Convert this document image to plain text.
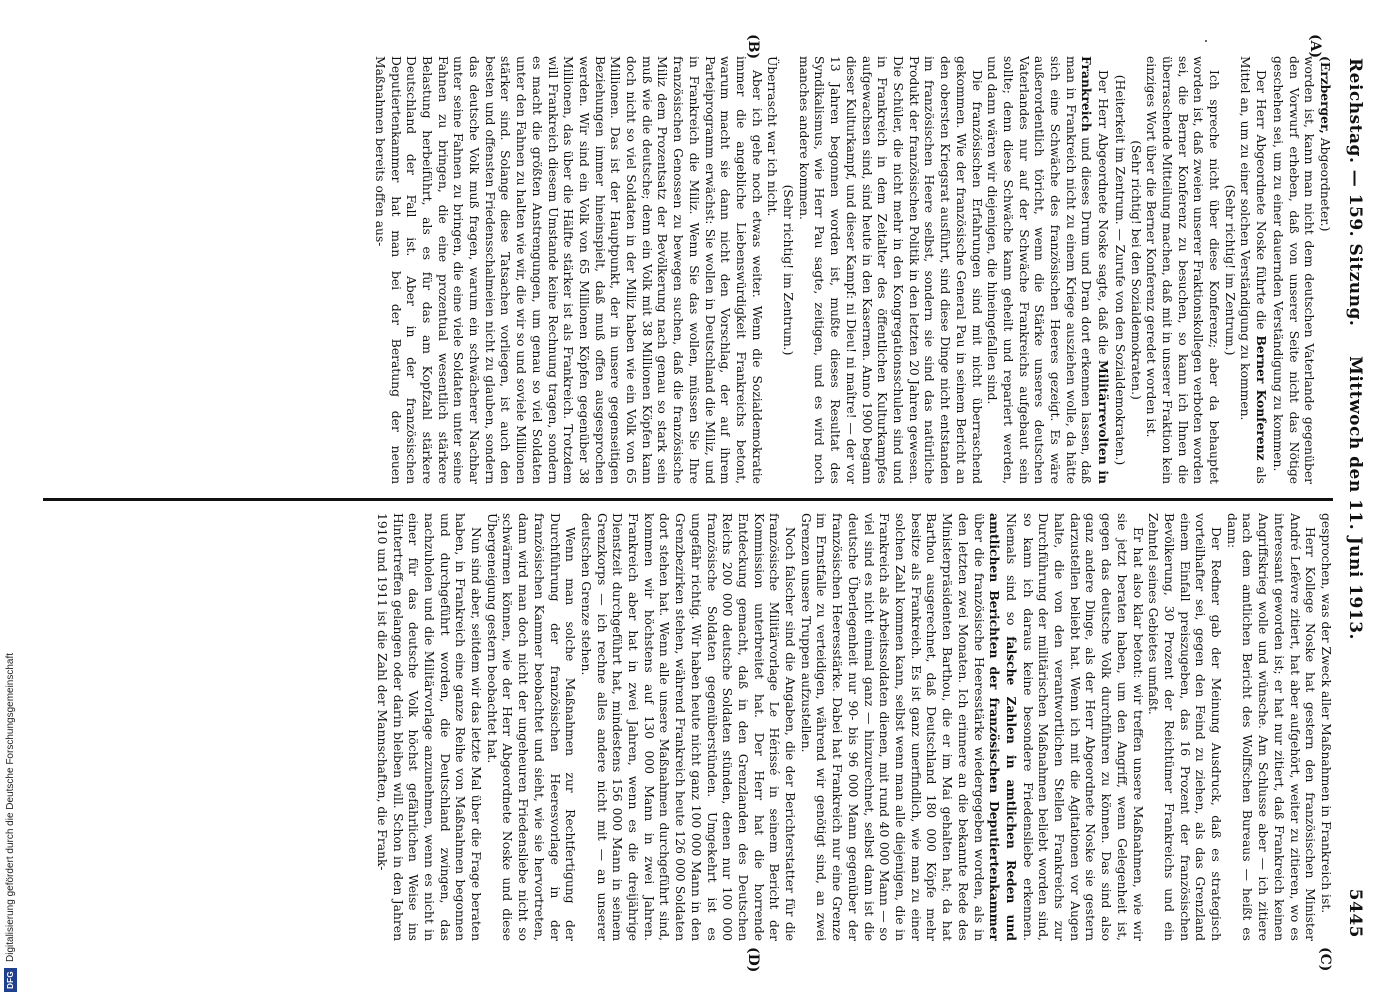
Reichstag. — 159. Sitzung.
Mittwoch den 11. Juni 1913.
5445
(A)
(B)
(C)
(D)

(Erzberger, Abgeordneter.)

worden ist, kann man nicht dem deutschen Vaterlande gegenüber den Vorwurf erheben, daß von unserer Seite nicht das Nötige geschehen sei, um zu einer dauernden Verständigung zu kommen.

Der Herr Abgeordnete Noske führte die Berner Konferenz als Mittel an, um zu einer solchen Verständigung zu kommen.

(Sehr richtig! im Zentrum.)

Ich spreche nicht über diese Konferenz; aber da behauptet worden ist, daß zweien unserer Fraktionskollegen verboten worden sei, die Berner Konferenz zu besuchen, so kann ich Ihnen die überraschende Mitteilung machen, daß mit in unserer Fraktion kein einziges Wort über die Berner Konferenz geredet worden ist.

(Sehr richtig! bei den Sozialdemokraten.)

(Heiterkeit im Zentrum. — Zurufe von den Sozialdemokraten.)

Der Herr Abgeordnete Noske sagte, daß die Militärrevolten in Frankreich und dieses Drum und Dran dort erkennen lassen, daß man in Frankreich nicht zu einem Kriege ausziehen wolle, da hätte sich eine Schwäche des französischen Heeres gezeigt. Es wäre außerordentlich töricht, wenn die Stärke unseres deutschen Vaterlandes nur auf der Schwäche Frankreichs aufgebaut sein sollte; denn diese Schwäche kann geheilt und repariert werden, und dann wären wir diejenigen, die hineingefallen sind.

Die französischen Erfahrungen sind mit nicht überraschend gekommen. Wie der französische General Pau in seinem Bericht an den obersten Kriegsrat ausführt, sind diese Dinge nicht entstanden im französischen Heere selbst, sondern sie sind das natürliche Produkt der französischen Politik in den letzten 20 Jahren gewesen. Die Schüler, die nicht mehr in den Kongregationsschulen sind und in Frankreich in dem Zeitalter des öffentlichen Kulturkampfes aufgewachsen sind, sind heute in den Kasernen. Anno 1900 begann dieser Kulturkampf, und dieser Kampf: ni Dieu! ni maître! — der vor 13 Jahren begonnen worden ist, mußte dieses Resultat des Syndikalismus, wie Herr Pau sagte, zeitigen, und es wird noch manches andere kommen.

(Sehr richtig! im Zentrum.)

Überrascht war ich nicht.

Aber ich gehe noch etwas weiter. Wenn die Sozialdemokratie immer die angebliche Liebenswürdigkeit Frankreichs betont, warum macht sie dann nicht den Vorschlag, der auf ihrem Parteiprogramm erwächst: Sie wollen in Deutschland die Miliz, und in Frankreich die Miliz. Wenn Sie das wollen, müssen Sie Ihre französischen Genossen zu bewegen suchen, daß die französische Miliz dem Prozentsatz der Bevölkerung nach genau so stark sein muß wie die deutsche; denn ein Volk mit 38 Millionen Köpfen kann doch nicht so viel Soldaten in der Miliz haben wie ein Volk von 65 Millionen. Das ist der Hauptpunkt, der in unsere gegenseitigen Beziehungen immer hineinspielt, daß muß offen ausgesprochen werden. Wir sind ein Volk von 65 Millionen Köpfen gegenüber 38 Millionen, das über die Hälfte stärker ist als Frankreich. Trotzdem will Frankreich diesem Umstande keine Rechnung tragen, sondern es macht die größten Anstrengungen, um genau so viel Soldaten unter den Fahnen zu halten wie wir, die wir so und soviele Millionen stärker sind. Solange diese Tatsachen vorliegen, ist auch den besten und offensten Friedensschalmeien nicht zu glauben, sondern das deutsche Volk muß fragen, warum ein schwächerer Nachbar unter seine Fahnen zu bringen, die eine viele Soldaten unter seine Fahnen zu bringen, die eine prozentual wesentlich stärkere Belastung herbeiführt, als es für das am Kopfzahl stärkere Deutschland der Fall ist. Aber in der französischen Deputiertenkammer hat man bei der Beratung der neuen Maßnahmen bereits offen aus-

gesprochen, was der Zweck aller Maßnahmen in Frankreich ist.

Herr Kollege Noske hat gestern den französischen Minister André Lefèvre zitiert, hat aber aufgehört, weiter zu zitieren, wo es interessant geworden ist; er hat nur zitiert, daß Frankreich keinen Angriffskrieg wolle und wünsche. Am Schlusse aber — ich zitiere nach dem amtlichen Bericht des Wolffschen Bureaus — heißt es dann:

Der Redner gab der Meinung Ausdruck, daß es strategisch vorteilhafter sei, gegen den Feind zu ziehen, als das Grenzland einem Einfall preiszugeben, das 16 Prozent der französischen Bevölkerung, 30 Prozent der Reichtümer Frankreichs und ein Zehntel seines Gebietes umfaßt.

Er hat also klar betont: wir treffen unsere Maßnahmen, wie wir sie jetzt beraten haben, um den Angriff, wenn Gelegenheit ist, gegen das deutsche Volk durchführen zu können. Das sind also ganz andere Dinge, als der Herr Abgeordnete Noske sie gestern darzustellen beliebt hat. Wenn ich mit die Agitationen vor Augen halte, die von den verantwortlichen Stellen Frankreichs zur Durchführung der militärischen Maßnahmen beliebt worden sind, so kann ich daraus keine besondere Friedensliebe erkennen. Niemals sind so falsche Zahlen in amtlichen Reden und amtlichen Berichten der französischen Deputiertenkammer über die französische Heeresstärke wiedergegeben worden, als in den letzten zwei Monaten. Ich erinnere an die bekannte Rede des Ministerpräsidenten Barthou, die er im Mai gehalten hat; da hat Barthou ausgerechnet, daß Deutschland 180 000 Köpfe mehr besitze als Frankreich. Es ist ganz unerfindlich, wie man zu einer solchen Zahl kommen kann, selbst wenn man alle diejenigen, die in Frankreich als Arbeitssoldaten dienen, mit rund 40 000 Mann — so viel sind es nicht einmal ganz — hinzurechnet, selbst dann ist die deutsche Überlegenheit nur 90- bis 96 000 Mann gegenüber der französischen Heeresstärke. Dabei hat Frankreich nur eine Grenze im Ernstfalle zu verteidigen, während wir genötigt sind, an zwei Grenzen unsere Truppen aufzustellen.

Noch falscher sind die Angaben, die der Berichterstatter für die französische Militärvorlage Le Hérissé in seinem Bericht der Kommission unterbreitet hat. Der Herr hat die horrende Entdeckung gemacht, daß in den Grenzlanden des Deutschen Reichs 200 000 deutsche Soldaten stünden, denen nur 100 000 französische Soldaten gegenüberstünden. Umgekehrt ist es ungefähr richtig. Wir haben heute nicht ganz 100 000 Mann in den Grenzbezirken stehen, während Frankreich heute 126 000 Soldaten dort stehen hat. Wenn alle unsere Maßnahmen durchgeführt sind, kommen wir höchstens auf 130 000 Mann in zwei Jahren. Frankreich aber hat in zwei Jahren, wenn es die dreijährige Dienstzeit durchgeführt hat, mindestens 156 000 Mann in seinem Grenzkorps — ich rechne alles andere nicht mit — an unserer deutschen Grenze stehen.

Wenn man solche Maßnahmen zur Rechtfertigung der Durchführung der französischen Heeresvorlage in der französischen Kammer beobachtet und sieht, wie sie hervortreten, dann wird man doch nicht der ungeheuren Friedensliebe nicht so schwärmen können, wie der Herr Abgeordnete Noske und diese Übergeneigung gestern beobachtet hat.

Nun sind aber, seitdem wir das letzte Mal über die Frage beraten haben, in Frankreich eine ganze Reihe von Maßnahmen begonnen und durchgeführt worden, die Deutschland zwingen, das nachzuholen und die Militärvorlage anzunehmen, wenn es nicht in einer für das deutsche Volk höchst gefährlichen Weise ins Hintertreffen gelangen oder darin bleiben will. Schon in den Jahren 1910 und 1911 ist die Zahl der Mannschaften, die Frank-

DFG
Digitalisierung gefördert durch die Deutsche Forschungsgemeinschaft
